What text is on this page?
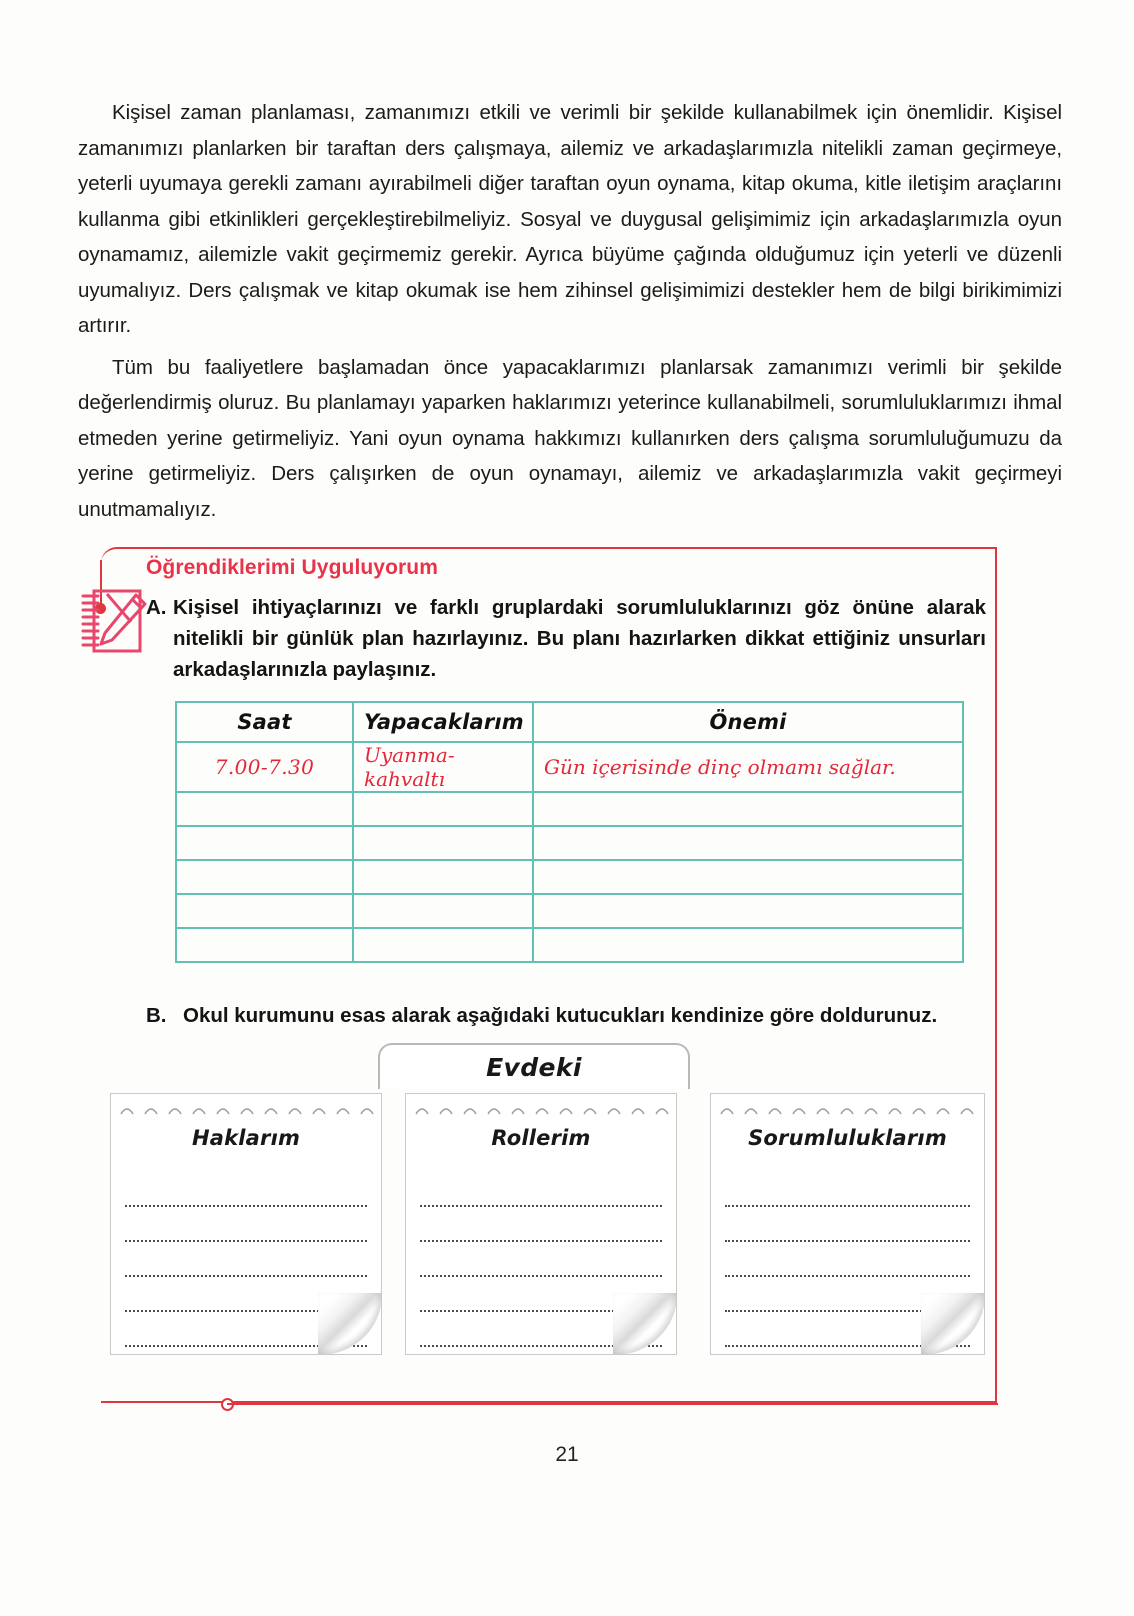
Kişisel zaman planlaması, zamanımızı etkili ve verimli bir şekilde kullanabilmek için önemlidir. Kişisel zamanımızı planlarken bir taraftan ders çalışmaya, ailemiz ve arkadaşlarımızla nitelikli zaman geçirmeye, yeterli uyumaya gerekli zamanı ayırabilmeli diğer taraftan oyun oynama, kitap okuma, kitle iletişim araçlarını kullanma gibi etkinlikleri gerçekleştirebilmeliyiz. Sosyal ve duygusal gelişimimiz için arkadaşlarımızla oyun oynamamız, ailemizle vakit geçirmemiz gerekir. Ayrıca büyüme çağında olduğumuz için yeterli ve düzenli uyumalıyız. Ders çalışmak ve kitap okumak ise hem zihinsel gelişimimizi destekler hem de bilgi birikimimizi artırır.

Tüm bu faaliyetlere başlamadan önce yapacaklarımızı planlarsak zamanımızı verimli bir şekilde değerlendirmiş oluruz. Bu planlamayı yaparken haklarımızı yeterince kullanabilmeli, sorumluluklarımızı ihmal etmeden yerine getirmeliyiz. Yani oyun oynama hakkımızı kullanırken ders çalışma sorumluluğumuzu da yerine getirmeliyiz. Ders çalışırken de oyun oynamayı, ailemiz ve arkadaşlarımızla vakit geçirmeyi unutmamalıyız.

Öğrendiklerimi Uyguluyorum
A. Kişisel ihtiyaçlarınızı ve farklı gruplardaki sorumluluklarınızı göz önüne alarak nitelikli bir günlük plan hazırlayınız. Bu planı hazırlarken dikkat ettiğiniz unsurları arkadaşlarınızla paylaşınız.
Saat	Yapacaklarım	Önemi
7.00-7.30	Uyanma-kahvaltı	Gün içerisinde dinç olmamı sağlar.

B. Okul kurumunu esas alarak aşağıdaki kutucukları kendinize göre doldurunuz.
Evdeki
Haklarım	Rollerim	Sorumluluklarım
21
